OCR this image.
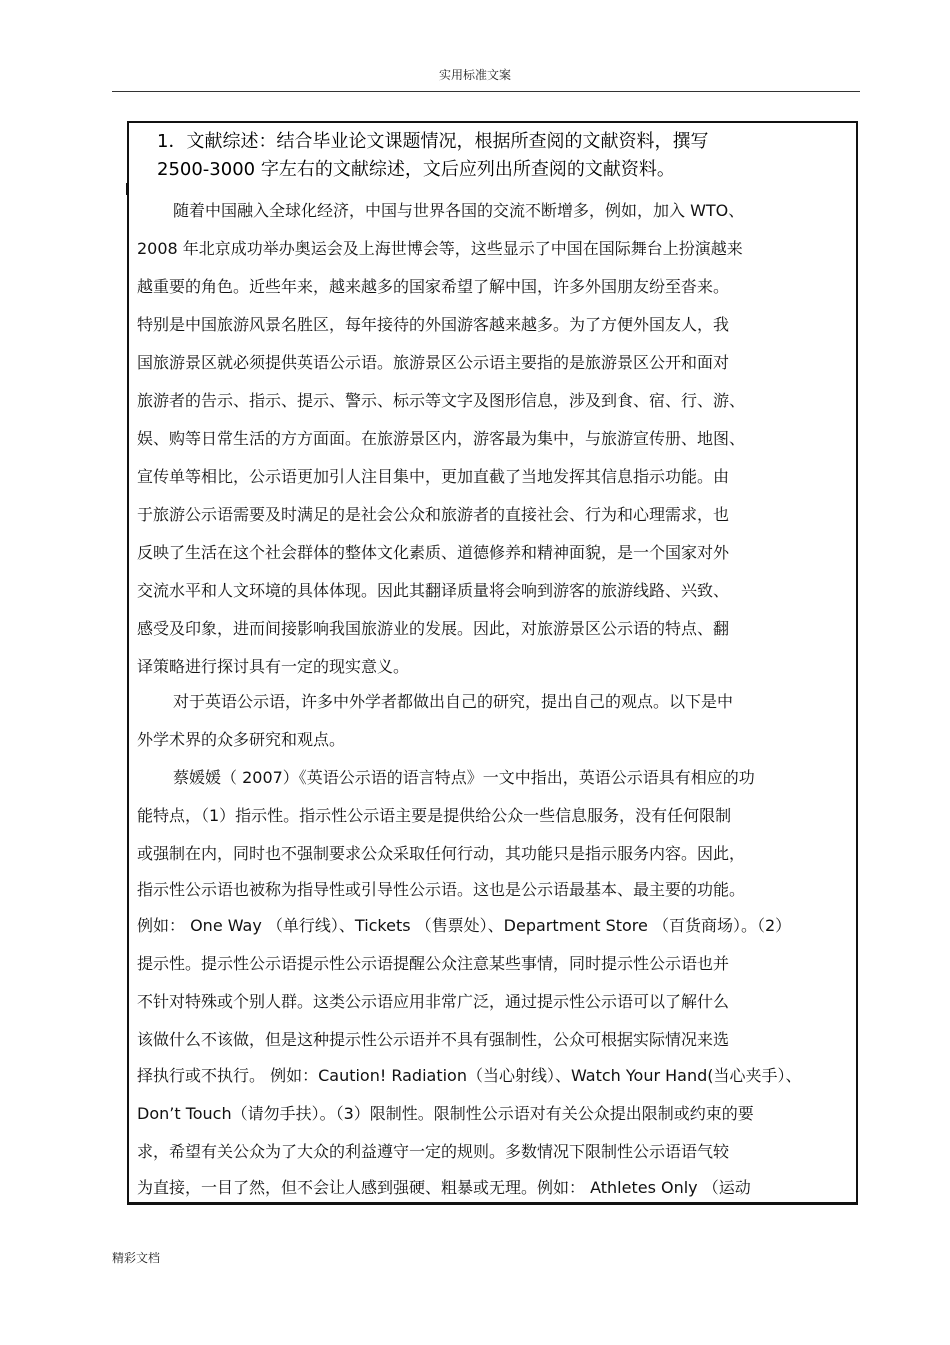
实用标准文案
1．文献综述：结合毕业论文课题情况，根据所查阅的文献资料，撰写
2500-3000 字左右的文献综述，文后应列出所查阅的文献资料。
随着中国融入全球化经济，中国与世界各国的交流不断增多，例如，加入 WTO、
2008 年北京成功举办奥运会及上海世博会等，这些显示了中国在国际舞台上扮演越来
越重要的角色。近些年来，越来越多的国家希望了解中国，许多外国朋友纷至沓来。
特别是中国旅游风景名胜区，每年接待的外国游客越来越多。为了方便外国友人，我
国旅游景区就必须提供英语公示语。旅游景区公示语主要指的是旅游景区公开和面对
旅游者的告示、指示、提示、警示、标示等文字及图形信息，涉及到食、宿、行、游、
娱、购等日常生活的方方面面。在旅游景区内，游客最为集中，与旅游宣传册、地图、
宣传单等相比，公示语更加引人注目集中，更加直截了当地发挥其信息指示功能。由
于旅游公示语需要及时满足的是社会公众和旅游者的直接社会、行为和心理需求，也
反映了生活在这个社会群体的整体文化素质、道德修养和精神面貌，是一个国家对外
交流水平和人文环境的具体体现。因此其翻译质量将会响到游客的旅游线路、兴致、
感受及印象，进而间接影响我国旅游业的发展。因此，对旅游景区公示语的特点、翻
译策略进行探讨具有一定的现实意义。
对于英语公示语，许多中外学者都做出自己的研究，提出自己的观点。以下是中
外学术界的众多研究和观点。
蔡媛媛（ 2007）《英语公示语的语言特点》一文中指出，英语公示语具有相应的功
能特点，（1）指示性。指示性公示语主要是提供给公众一些信息服务，没有任何限制
或强制在内，同时也不强制要求公众采取任何行动，其功能只是指示服务内容。因此，
指示性公示语也被称为指导性或引导性公示语。这也是公示语最基本、最主要的功能。
例如： One Way （单行线）、Tickets （售票处）、Department Store （百货商场）。（2）
提示性。提示性公示语提示性公示语提醒公众注意某些事情，同时提示性公示语也并
不针对特殊或个别人群。这类公示语应用非常广泛，通过提示性公示语可以了解什么
该做什么不该做，但是这种提示性公示语并不具有强制性，公众可根据实际情况来选
择执行或不执行。 例如：Caution! Radiation（当心射线）、Watch Your Hand(当心夹手）、
Don’t Touch（请勿手扶）。（3）限制性。限制性公示语对有关公众提出限制或约束的要
求，希望有关公众为了大众的利益遵守一定的规则。多数情况下限制性公示语语气较
为直接，一目了然，但不会让人感到强硬、粗暴或无理。例如： Athletes Only （运动
精彩文档
